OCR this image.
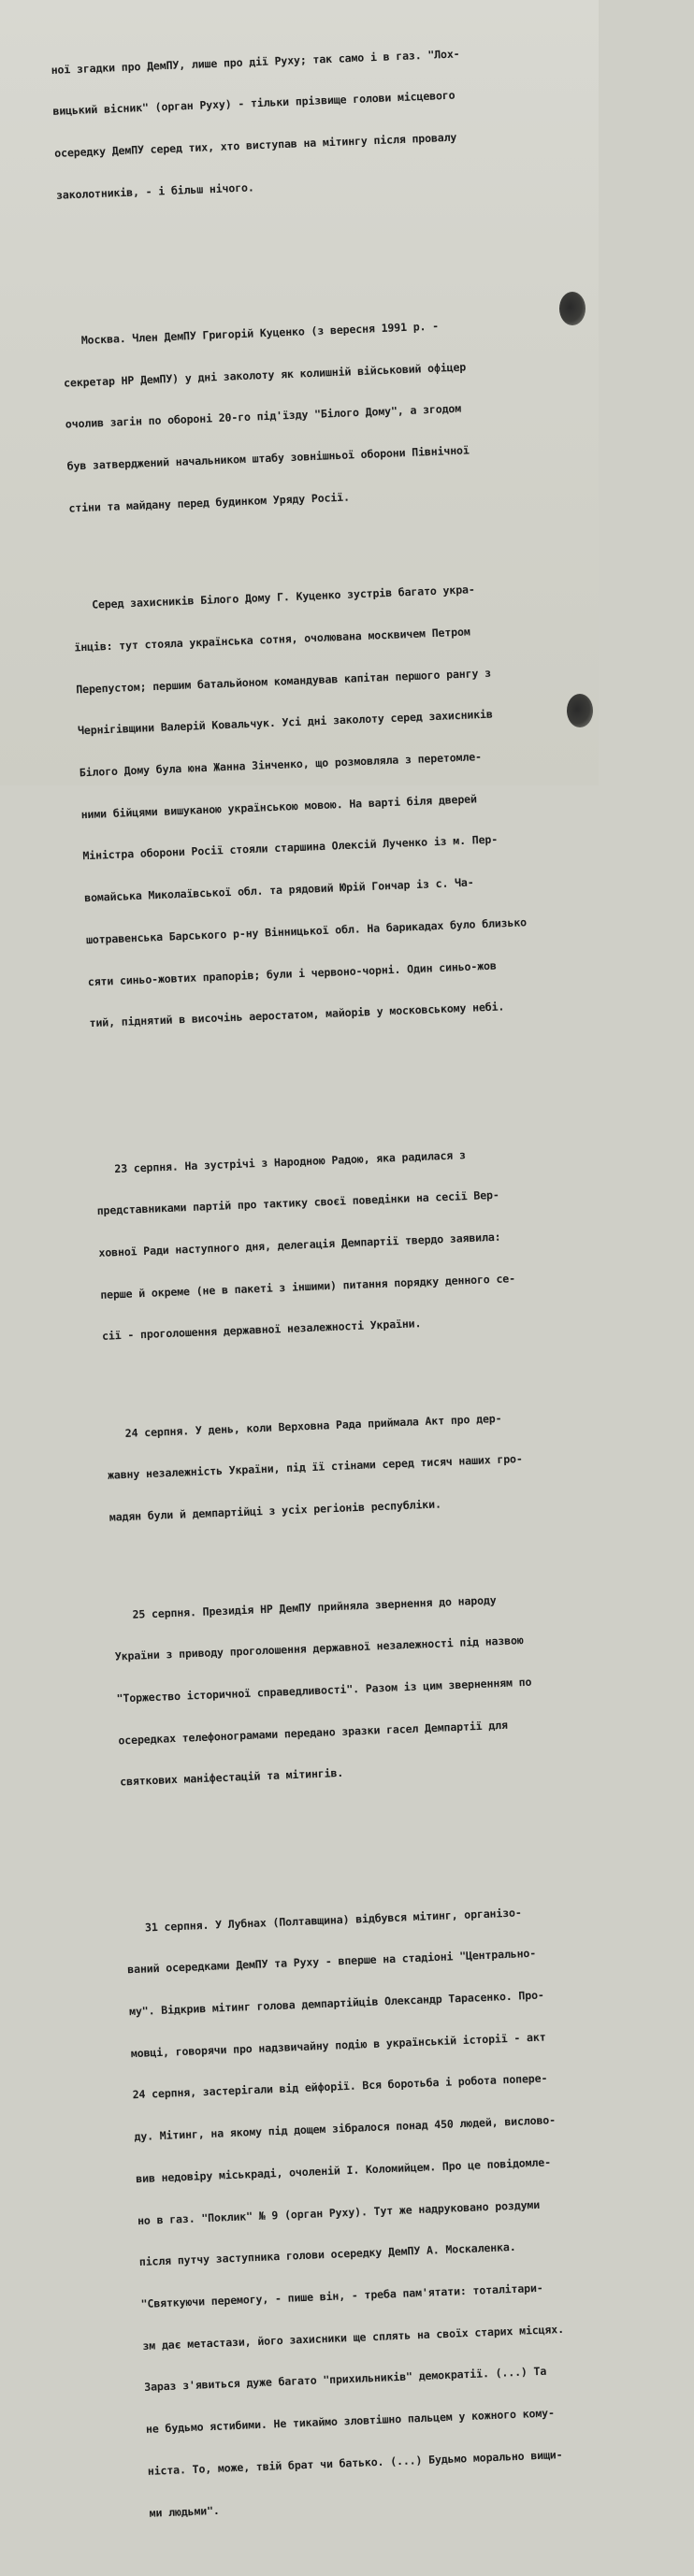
ної згадки про ДемПУ, лише про дії Руху; так само і в газ. "Лох-

вицький вісник" (орган Руху) - тільки прізвище голови місцевого

осередку ДемПУ серед тих, хто виступав на мітингу після провалу

заколотників, - і більш нічого.

Москва. Член ДемПУ Григорій Куценко (з вересня 1991 р. -

секретар НР ДемПУ) у дні заколоту як колишній військовий офіцер

очолив загін по обороні 20-го під'їзду "Білого Дому", а згодом

був затверджений начальником штабу зовнішньої оборони Північної

стіни та майдану перед будинком Уряду Росії.

Серед захисників Білого Дому Г. Куценко зустрів багато укра-

їнців: тут стояла українська сотня, очолювана москвичем Петром

Перепустом; першим батальйоном командував капітан першого рангу з

Чернігівщини Валерій Ковальчук. Усі дні заколоту серед захисників

Білого Дому була юна Жанна Зінченко, що розмовляла з перетомле-

ними бійцями вишуканою українською мовою. На варті біля дверей

Міністра оборони Росії стояли старшина Олексій Лученко із м. Пер-

вомайська Миколаївської обл. та рядовий Юрій Гончар із с. Ча-

шотравенська Барського р-ну Вінницької обл. На барикадах було близько

сяти синьо-жовтих прапорів; були і червоно-чорні. Один синьо-жов

тий, піднятий в височінь аеростатом, майорів у московському небі.

23 серпня. На зустрічі з Народною Радою, яка радилася з

представниками партій про тактику своєї поведінки на сесії Вер-

ховної Ради наступного дня, делегація Демпартії твердо заявила:

перше й окреме (не в пакеті з іншими) питання порядку денного се-

сії - проголошення державної незалежності України.

24 серпня. У день, коли Верховна Рада приймала Акт про дер-

жавну незалежність України, під її стінами серед тисяч наших гро-

мадян були й демпартійці з усіх регіонів республіки.

25 серпня. Президія НР ДемПУ прийняла звернення до народу

України з приводу проголошення державної незалежності під назвою

"Торжество історичної справедливості". Разом із цим зверненням по

осередках телефонограмами передано зразки гасел Демпартії для

святкових маніфестацій та мітингів.

31 серпня. У Лубнах (Полтавщина) відбувся мітинг, організо-

ваний осередками ДемПУ та Руху - вперше на стадіоні "Центрально-

му". Відкрив мітинг голова демпартійців Олександр Тарасенко. Про-

мовці, говорячи про надзвичайну подію в українській історії - акт

24 серпня, застерігали від ейфорії. Вся боротьба і робота попере-

ду. Мітинг, на якому під дощем зібралося понад 450 людей, вислово-

вив недовіру міськраді, очоленій І. Коломийцем. Про це повідомле-

но в газ. "Поклик" № 9 (орган Руху). Тут же надруковано роздуми

після путчу заступника голови осередку ДемПУ А. Москаленка.

"Святкуючи перемогу, - пише він, - треба пам'ятати: тоталітари-

зм дає метастази, його захисники ще сплять на своїх старих місцях.

Зараз з'явиться дуже багато "прихильників" демократії. (...) Та

не будьмо ястибими. Не тикаймо зловтішно пальцем у кожного кому-

ніста. То, може, твій брат чи батько. (...) Будьмо морально вищи-

ми людьми".
